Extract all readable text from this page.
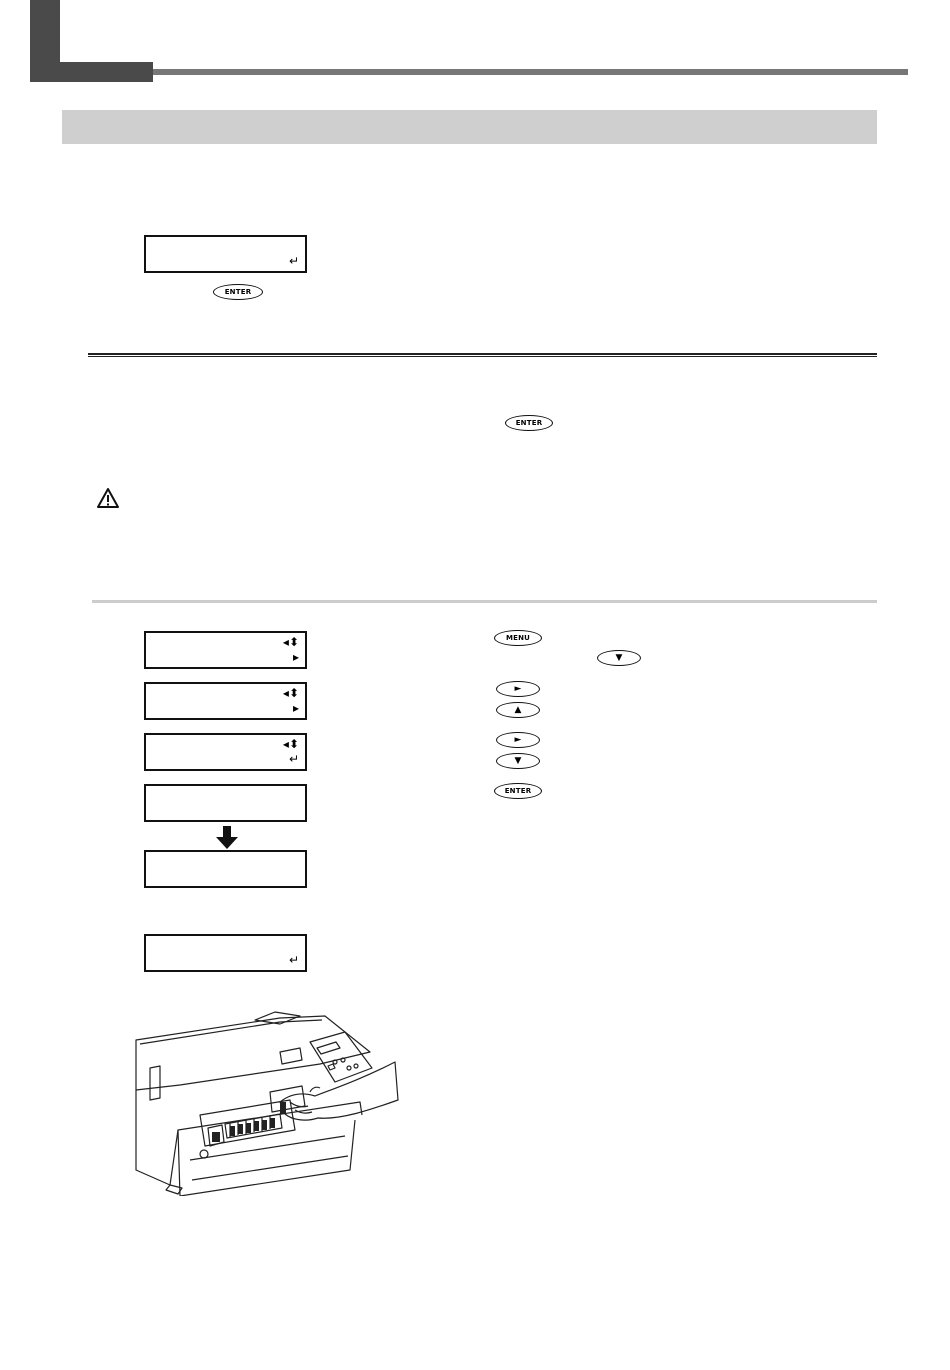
↵
ENTER
ENTER
◂⬍
▸
◂⬍
▸
◂⬍
↵
↵
MENU
▼
►
▲
►
▼
ENTER
